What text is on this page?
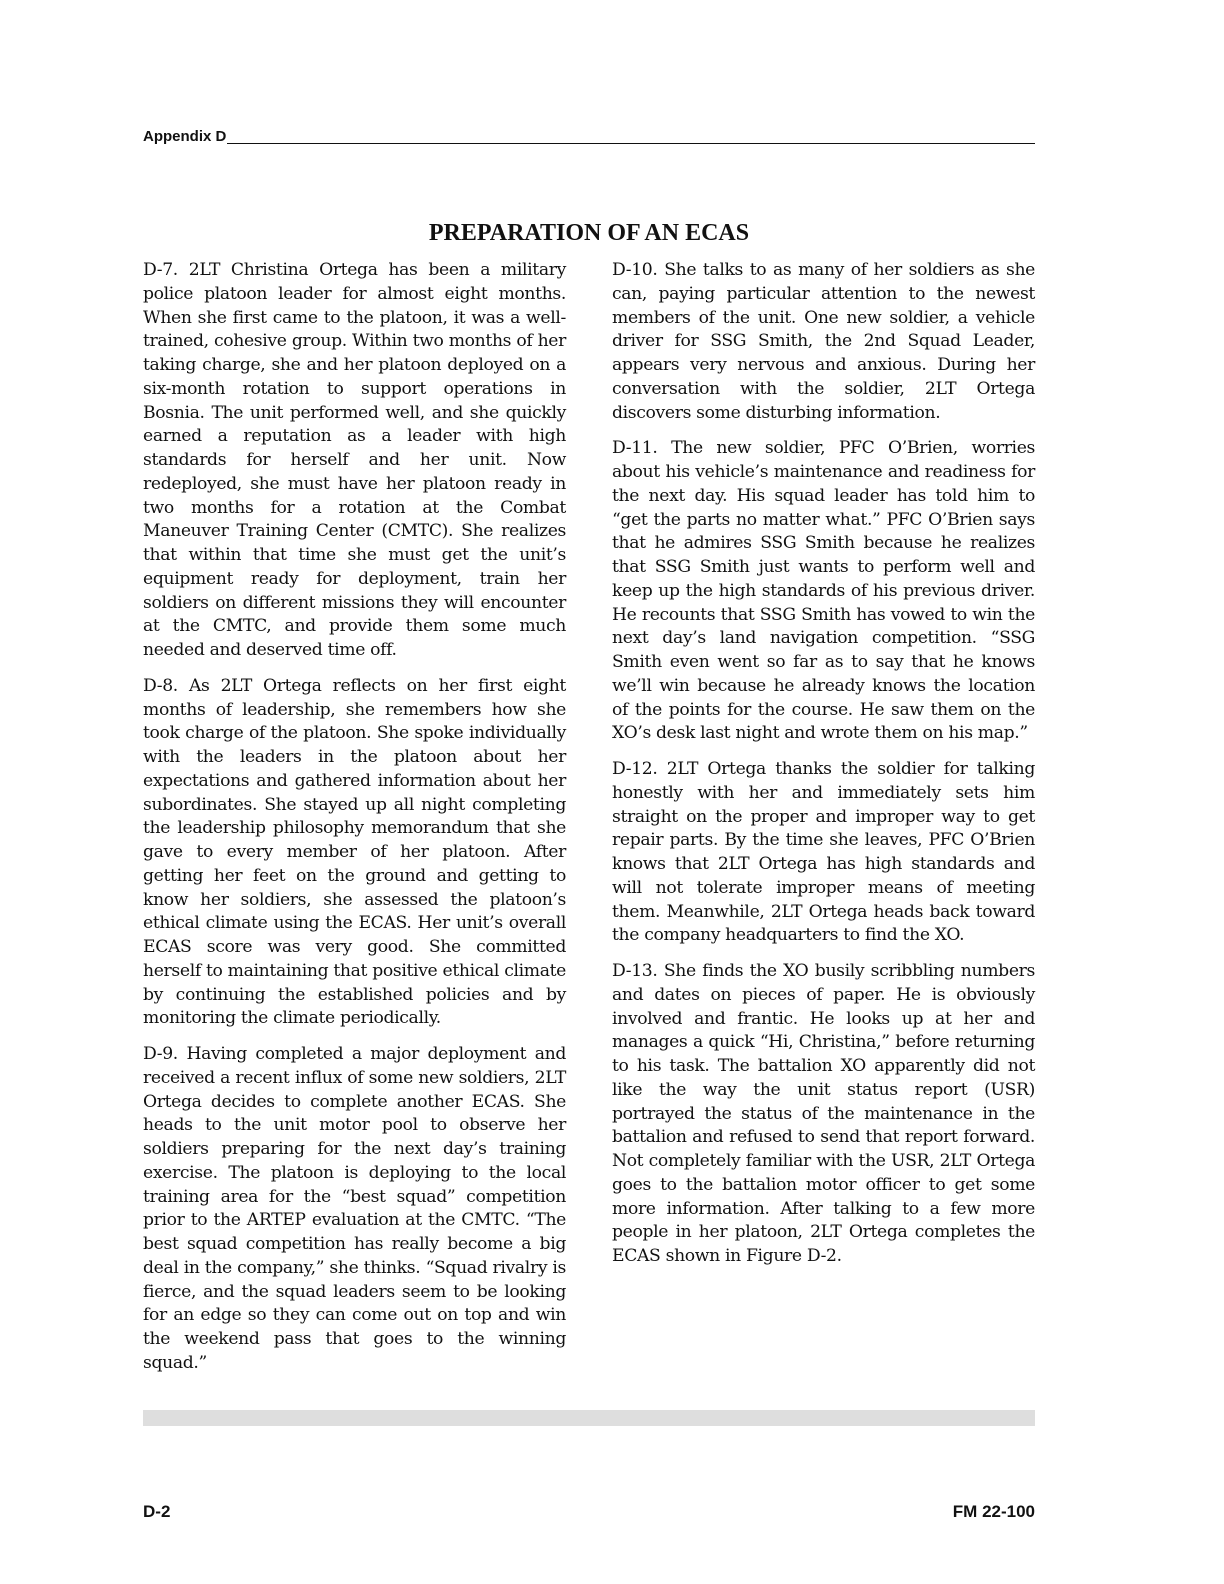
Appendix D
PREPARATION OF AN ECAS

D-7. 2LT Christina Ortega has been a military police platoon leader for almost eight months. When she first came to the platoon, it was a well-trained, cohesive group. Within two months of her taking charge, she and her platoon deployed on a six-month rotation to support operations in Bosnia. The unit performed well, and she quickly earned a reputation as a leader with high standards for herself and her unit. Now redeployed, she must have her platoon ready in two months for a rotation at the Combat Maneuver Training Center (CMTC). She realizes that within that time she must get the unit’s equipment ready for deployment, train her soldiers on different missions they will encounter at the CMTC, and provide them some much needed and deserved time off.

D-8. As 2LT Ortega reflects on her first eight months of leadership, she remembers how she took charge of the platoon. She spoke individually with the leaders in the platoon about her expectations and gathered information about her subordinates. She stayed up all night completing the leadership philosophy memorandum that she gave to every member of her platoon. After getting her feet on the ground and getting to know her soldiers, she assessed the platoon’s ethical climate using the ECAS. Her unit’s overall ECAS score was very good. She committed herself to maintaining that positive ethical climate by continuing the established policies and by monitoring the climate periodically.

D-9. Having completed a major deployment and received a recent influx of some new soldiers, 2LT Ortega decides to complete another ECAS. She heads to the unit motor pool to observe her soldiers preparing for the next day’s training exercise. The platoon is deploying to the local training area for the “best squad” competition prior to the ARTEP evaluation at the CMTC. “The best squad competition has really become a big deal in the company,” she thinks. “Squad rivalry is fierce, and the squad leaders seem to be looking for an edge so they can come out on top and win the weekend pass that goes to the winning squad.”

D-10. She talks to as many of her soldiers as she can, paying particular attention to the newest members of the unit. One new soldier, a vehicle driver for SSG Smith, the 2nd Squad Leader, appears very nervous and anxious. During her conversation with the soldier, 2LT Ortega discovers some disturbing information.

D-11. The new soldier, PFC O’Brien, worries about his vehicle’s maintenance and readiness for the next day. His squad leader has told him to “get the parts no matter what.” PFC O’Brien says that he admires SSG Smith because he realizes that SSG Smith just wants to perform well and keep up the high standards of his previous driver. He recounts that SSG Smith has vowed to win the next day’s land navigation competition. “SSG Smith even went so far as to say that he knows we’ll win because he already knows the location of the points for the course. He saw them on the XO’s desk last night and wrote them on his map.”

D-12. 2LT Ortega thanks the soldier for talking honestly with her and immediately sets him straight on the proper and improper way to get repair parts. By the time she leaves, PFC O’Brien knows that 2LT Ortega has high standards and will not tolerate improper means of meeting them. Meanwhile, 2LT Ortega heads back toward the company headquarters to find the XO.

D-13. She finds the XO busily scribbling numbers and dates on pieces of paper. He is obviously involved and frantic. He looks up at her and manages a quick “Hi, Christina,” before returning to his task. The battalion XO apparently did not like the way the unit status report (USR) portrayed the status of the maintenance in the battalion and refused to send that report forward. Not completely familiar with the USR, 2LT Ortega goes to the battalion motor officer to get some more information. After talking to a few more people in her platoon, 2LT Ortega completes the ECAS shown in Figure D-2.

D-2	FM 22-100
